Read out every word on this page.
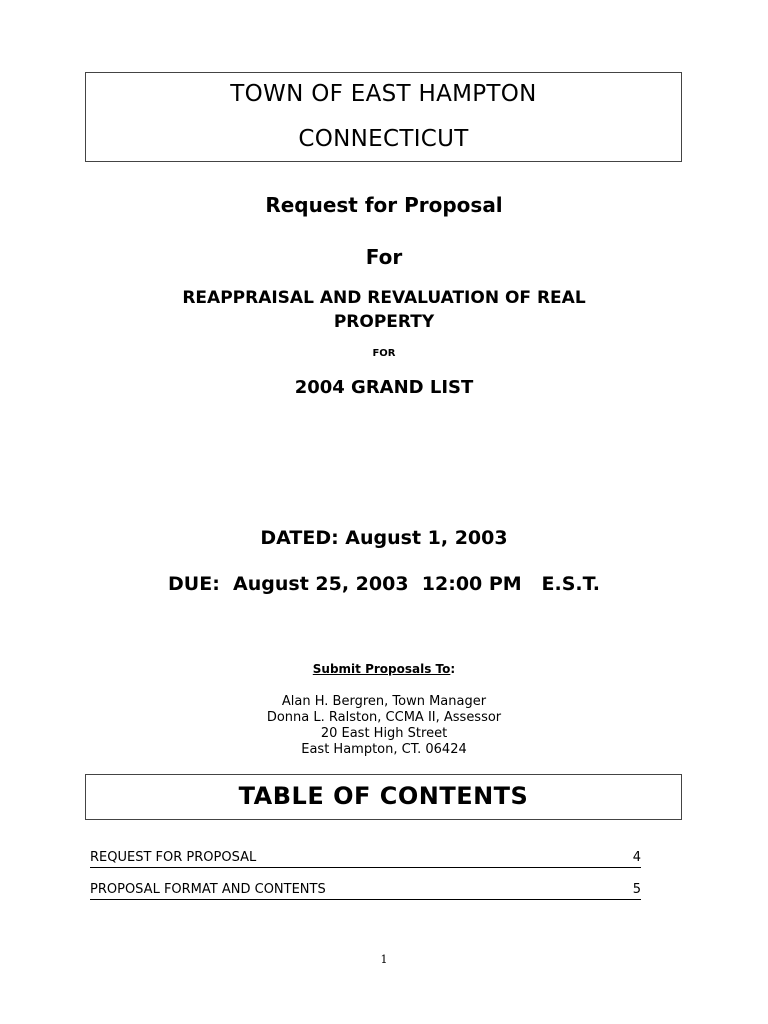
TOWN OF EAST HAMPTON
CONNECTICUT
Request for Proposal
For
REAPPRAISAL AND REVALUATION OF REAL PROPERTY
FOR
2004 GRAND LIST
DATED: August 1, 2003
DUE:  August 25, 2003  12:00 PM   E.S.T.
Submit Proposals To:
Alan H. Bergren, Town Manager
Donna L. Ralston, CCMA II, Assessor
20 East High Street
East Hampton, CT. 06424
TABLE OF CONTENTS
REQUEST FOR PROPOSAL	4
PROPOSAL FORMAT AND CONTENTS	5
1
